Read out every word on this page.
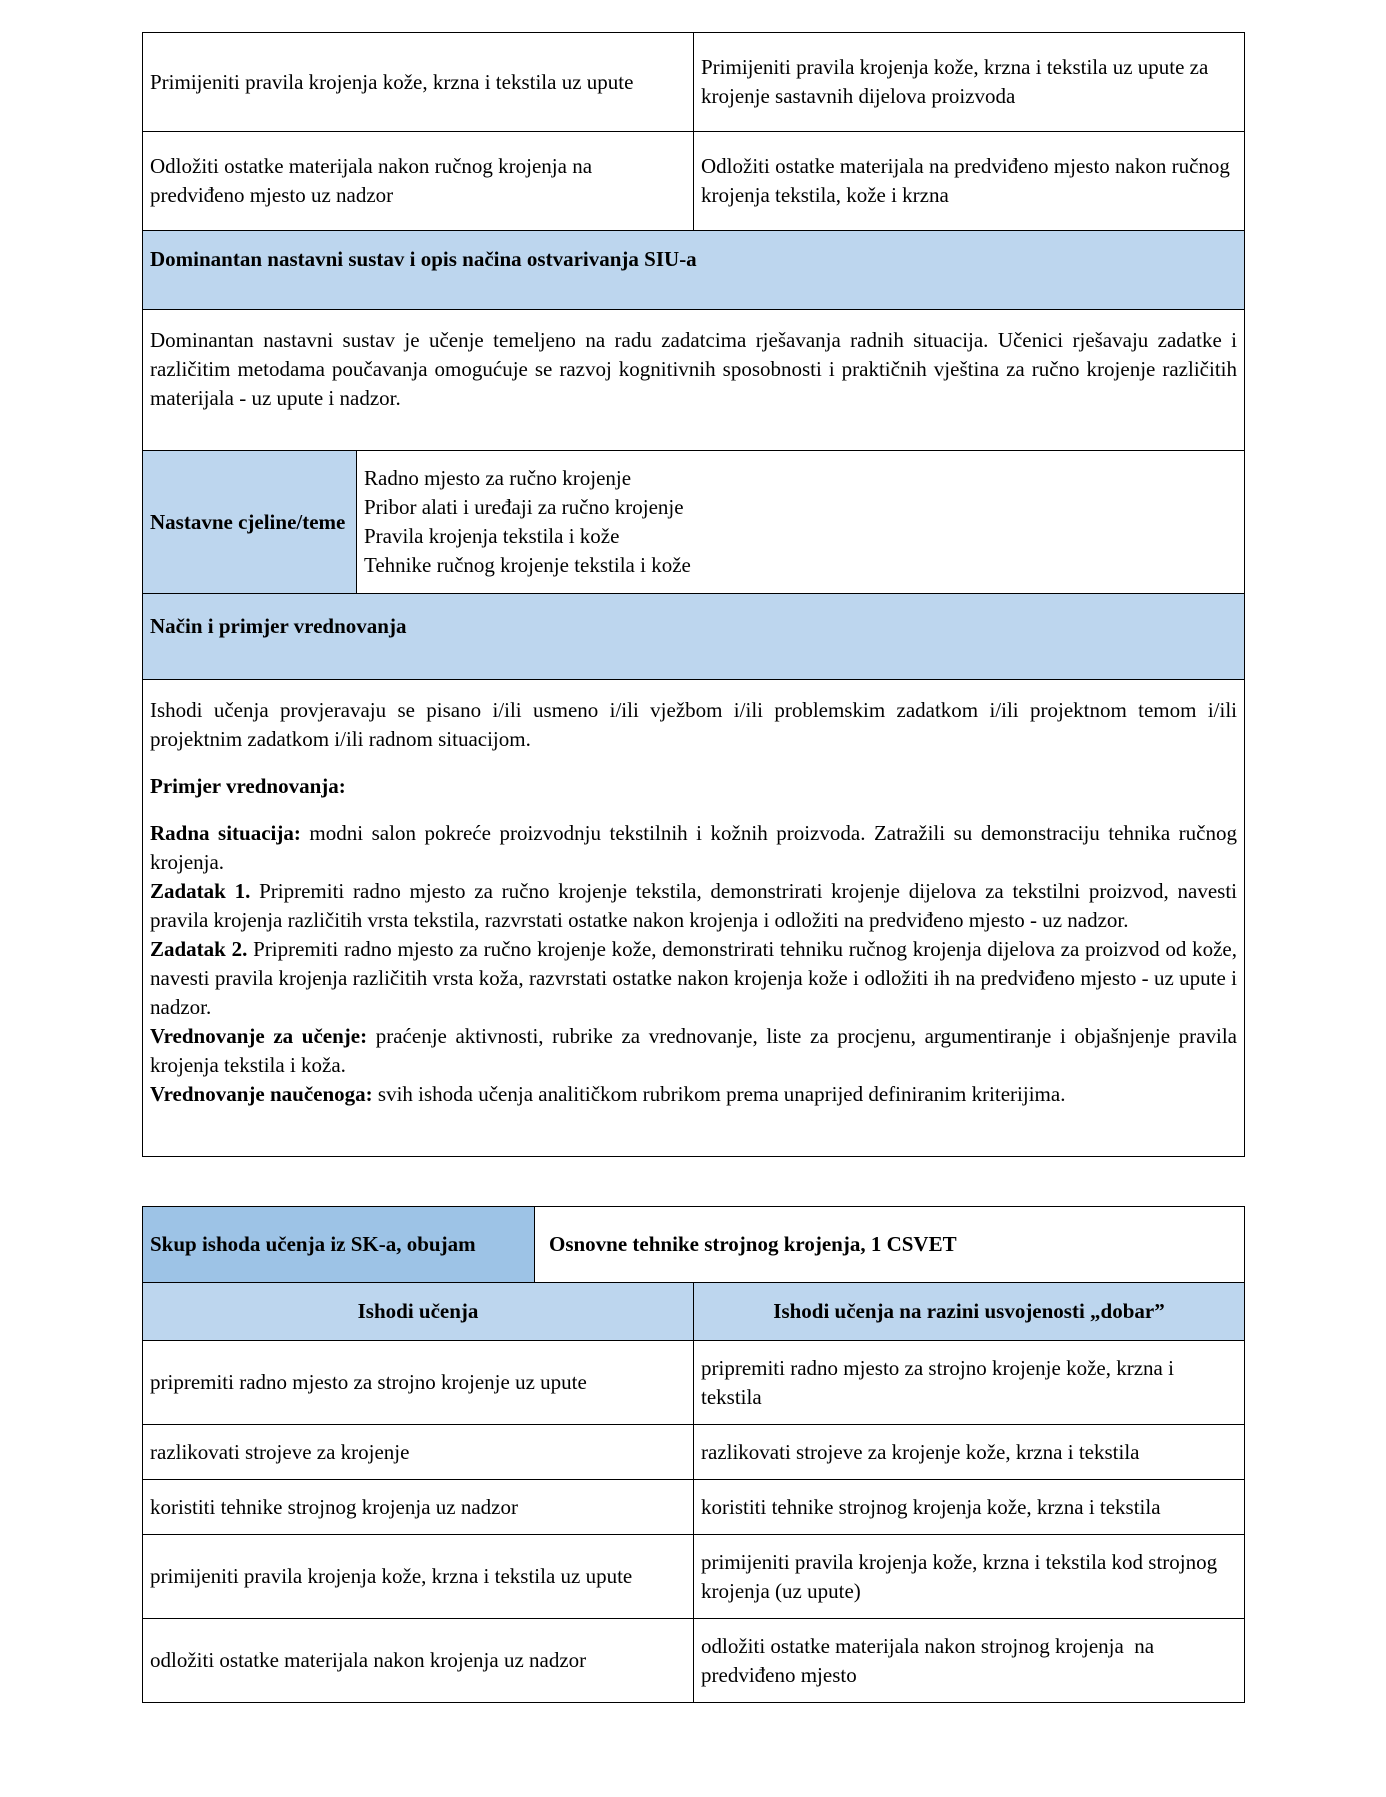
Primijeniti pravila krojenja kože, krzna i tekstila uz upute		Primijeniti pravila krojenja kože, krzna i tekstila uz upute za krojenje sastavnih dijelova proizvoda
Odložiti ostatke materijala nakon ručnog krojenja na predviđeno mjesto uz nadzor		Odložiti ostatke materijala na predviđeno mjesto nakon ručnog krojenja tekstila, kože i krzna
Dominantan nastavni sustav i opis načina ostvarivanja SIU-a		
Dominantan nastavni sustav je učenje temeljeno na radu zadatcima rješavanja radnih situacija. Učenici rješavaju zadatke i različitim metodama poučavanja omogućuje se razvoj kognitivnih sposobnosti i praktičnih vještina za ručno krojenje različitih materijala - uz upute i nadzor.		
Nastavne cjeline/teme	Radno mjesto za ručno krojenje
Pribor alati i uređaji za ručno krojenje
Pravila krojenja tekstila i kože
Tehnike ručnog krojenje tekstila i kože	

Način i primjer vrednovanja		

Ishodi učenja provjeravaju se pisano i/ili usmeno i/ili vježbom i/ili problemskim zadatkom i/ili projektnom temom i/ili projektnim zadatkom i/ili radnom situacijom.

Primjer vrednovanja:

Radna situacija: modni salon pokreće proizvodnju tekstilnih i kožnih proizvoda. Zatražili su demonstraciju tehnika ručnog krojenja.

Zadatak 1. Pripremiti radno mjesto za ručno krojenje tekstila, demonstrirati krojenje dijelova za tekstilni proizvod, navesti pravila krojenja različitih vrsta tekstila, razvrstati ostatke nakon krojenja i odložiti na predviđeno mjesto - uz nadzor.

Zadatak 2. Pripremiti radno mjesto za ručno krojenje kože, demonstrirati tehniku ručnog krojenja dijelova za proizvod od kože, navesti pravila krojenja različitih vrsta koža, razvrstati ostatke nakon krojenja kože i odložiti ih na predviđeno mjesto - uz upute i nadzor.

Vrednovanje za učenje: praćenje aktivnosti, rubrike za vrednovanje, liste za procjenu, argumentiranje i objašnjenje pravila krojenja tekstila i koža.

Vrednovanje naučenoga: svih ishoda učenja analitičkom rubrikom prema unaprijed definiranim kriterijima.

Skup ishoda učenja iz SK-a, obujam	Osnovne tehnike strojnog krojenja, 1 CSVET	
Ishodi učenja		Ishodi učenja na razini usvojenosti „dobar”
pripremiti radno mjesto za strojno krojenje uz upute		pripremiti radno mjesto za strojno krojenje kože, krzna i tekstila
razlikovati strojeve za krojenje		razlikovati strojeve za krojenje kože, krzna i tekstila
koristiti tehnike strojnog krojenja uz nadzor		koristiti tehnike strojnog krojenja kože, krzna i tekstila
primijeniti pravila krojenja kože, krzna i tekstila uz upute		primijeniti pravila krojenja kože, krzna i tekstila kod strojnog krojenja (uz upute)
odložiti ostatke materijala nakon krojenja uz nadzor		odložiti ostatke materijala nakon strojnog krojenja  na predviđeno mjesto
